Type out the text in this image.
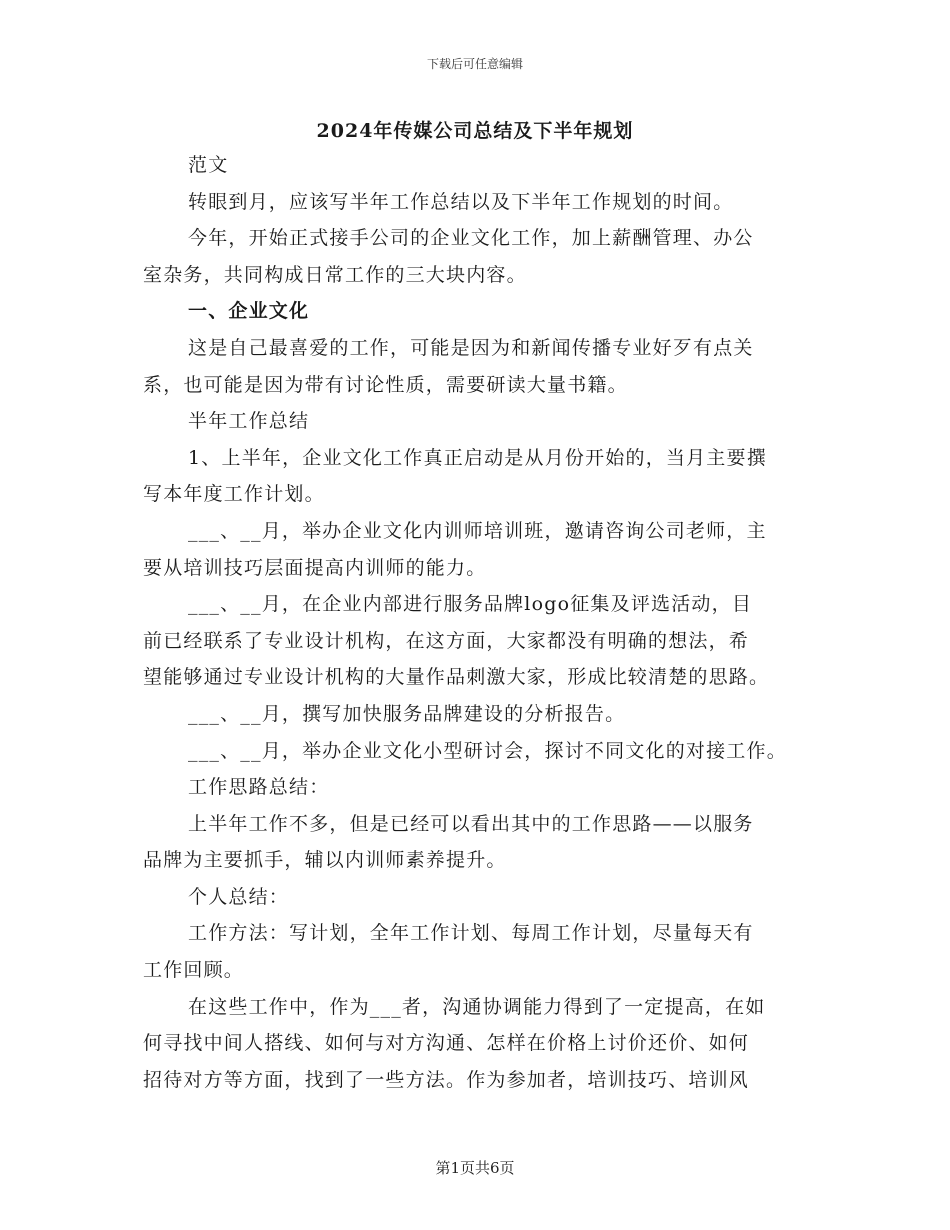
下载后可任意编辑
2024年传媒公司总结及下半年规划
范文
转眼到月，应该写半年工作总结以及下半年工作规划的时间。
今年，开始正式接手公司的企业文化工作，加上薪酬管理、办公
室杂务，共同构成日常工作的三大块内容。
一、企业文化
这是自己最喜爱的工作，可能是因为和新闻传播专业好歹有点关
系，也可能是因为带有讨论性质，需要研读大量书籍。
半年工作总结
1、上半年，企业文化工作真正启动是从月份开始的，当月主要撰
写本年度工作计划。
___、__月，举办企业文化内训师培训班，邀请咨询公司老师，主
要从培训技巧层面提高内训师的能力。
___、__月，在企业内部进行服务品牌logo征集及评选活动，目
前已经联系了专业设计机构，在这方面，大家都没有明确的想法，希
望能够通过专业设计机构的大量作品刺激大家，形成比较清楚的思路。
___、__月，撰写加快服务品牌建设的分析报告。
___、__月，举办企业文化小型研讨会，探讨不同文化的对接工作。
工作思路总结：
上半年工作不多，但是已经可以看出其中的工作思路——以服务
品牌为主要抓手，辅以内训师素养提升。
个人总结：
工作方法：写计划，全年工作计划、每周工作计划，尽量每天有
工作回顾。
在这些工作中，作为___者，沟通协调能力得到了一定提高，在如
何寻找中间人搭线、如何与对方沟通、怎样在价格上讨价还价、如何
招待对方等方面，找到了一些方法。作为参加者，培训技巧、培训风
第1页共6页
